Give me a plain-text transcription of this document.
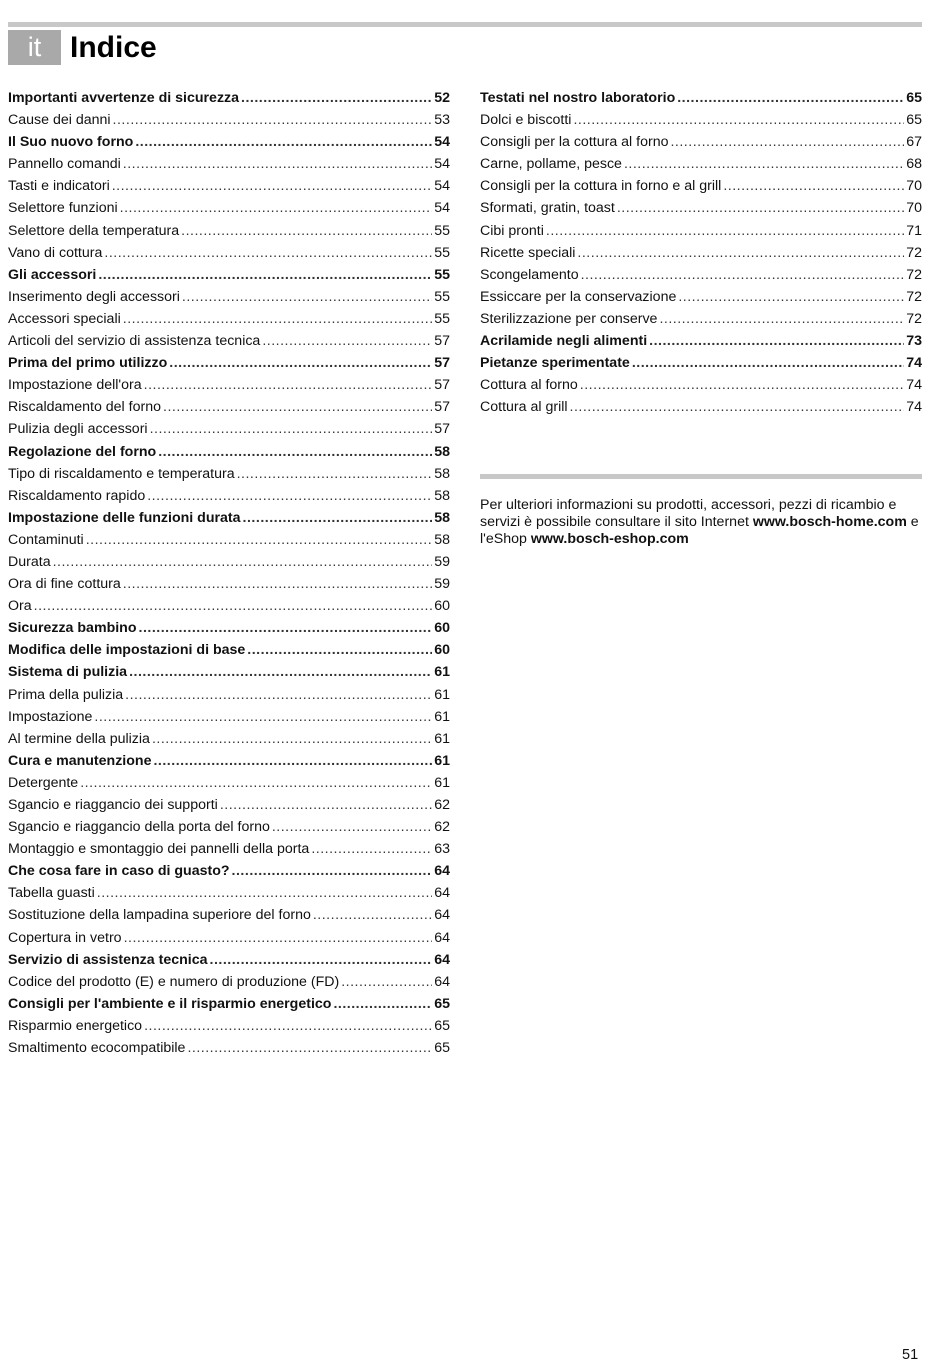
it Indice
Importanti avvertenze di sicurezza .....	52
Cause dei danni .....	53
Il Suo nuovo forno .....	54
Pannello comandi .....	54
Tasti e indicatori .....	54
Selettore funzioni .....	54
Selettore della temperatura .....	55
Vano di cottura .....	55
Gli accessori .....	55
Inserimento degli accessori .....	55
Accessori speciali .....	55
Articoli del servizio di assistenza tecnica .....	57
Prima del primo utilizzo .....	57
Impostazione dell'ora .....	57
Riscaldamento del forno .....	57
Pulizia degli accessori .....	57
Regolazione del forno .....	58
Tipo di riscaldamento e temperatura .....	58
Riscaldamento rapido .....	58
Impostazione delle funzioni durata .....	58
Contaminuti .....	58
Durata .....	59
Ora di fine cottura .....	59
Ora .....	60
Sicurezza bambino .....	60
Modifica delle impostazioni di base .....	60
Sistema di pulizia .....	61
Prima della pulizia .....	61
Impostazione .....	61
Al termine della pulizia .....	61
Cura e manutenzione .....	61
Detergente .....	61
Sgancio e riaggancio dei supporti .....	62
Sgancio e riaggancio della porta del forno .....	62
Montaggio e smontaggio dei pannelli della porta .....	63
Che cosa fare in caso di guasto? .....	64
Tabella guasti .....	64
Sostituzione della lampadina superiore del forno .....	64
Copertura in vetro .....	64
Servizio di assistenza tecnica .....	64
Codice del prodotto (E) e numero di produzione (FD) .....	64
Consigli per l'ambiente e il risparmio energetico .....	65
Risparmio energetico .....	65
Smaltimento ecocompatibile .....	65
Testati nel nostro laboratorio .....	65
Dolci e biscotti .....	65
Consigli per la cottura al forno .....	67
Carne, pollame, pesce .....	68
Consigli per la cottura in forno e al grill .....	70
Sformati, gratin, toast .....	70
Cibi pronti .....	71
Ricette speciali .....	72
Scongelamento .....	72
Essiccare per la conservazione .....	72
Sterilizzazione per conserve .....	72
Acrilamide negli alimenti .....	73
Pietanze sperimentate .....	74
Cottura al forno .....	74
Cottura al grill .....	74
Per ulteriori informazioni su prodotti, accessori, pezzi di ricambio e servizi è possibile consultare il sito Internet www.bosch-home.com e l'eShop www.bosch-eshop.com
51
